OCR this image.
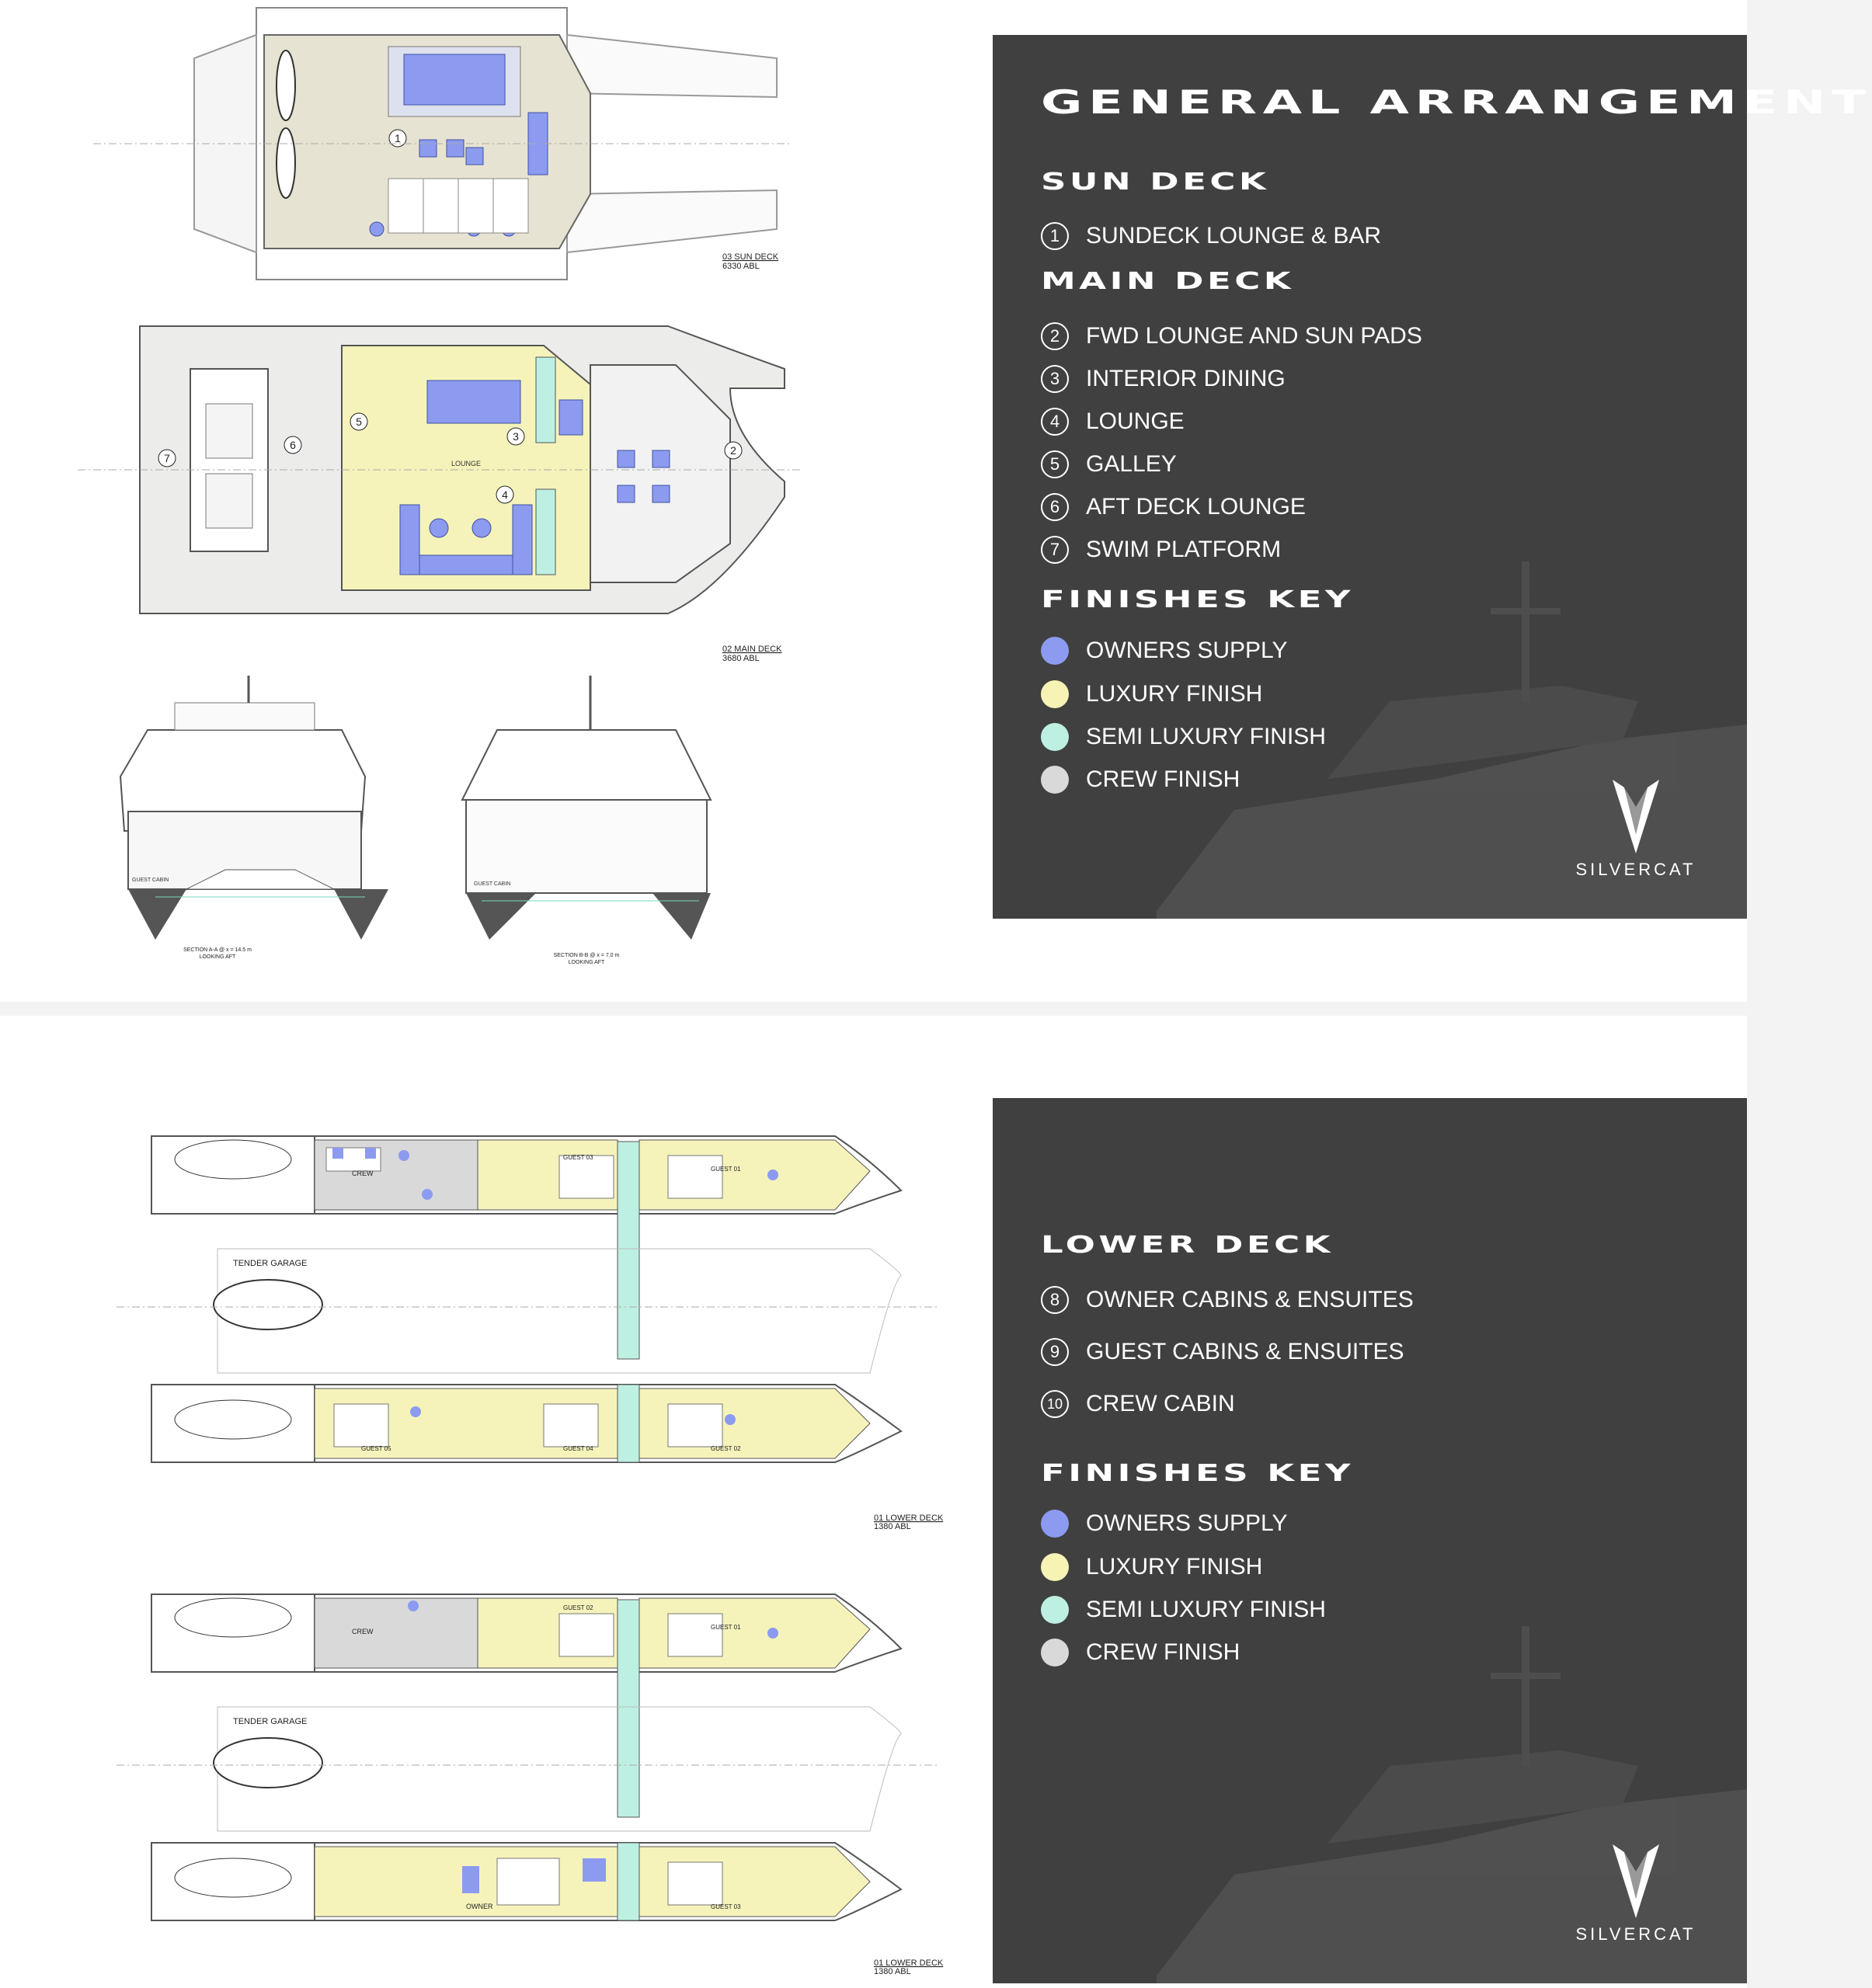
1
03 SUN DECK
6330 ABL
LOUNGE
2
3
4
5
6
7
02 MAIN DECK
3680 ABL
GUEST CABIN
SECTION A-A @ x = 14.5 m
LOOKING AFT
GUEST CABIN
SECTION B-B @ x = 7.0 m
LOOKING AFT
GENERAL ARRANGEMENT
SUN DECK
1	SUNDECK LOUNGE & BAR
MAIN DECK
2	FWD LOUNGE AND SUN PADS
3	INTERIOR DINING
4	LOUNGE
5	GALLEY
6	AFT DECK LOUNGE
7	SWIM PLATFORM
FINISHES KEY
OWNERS SUPPLY
LUXURY FINISH
SEMI LUXURY FINISH
CREW FINISH
SILVERCAT
TENDER GARAGE
CREW
GUEST 01
GUEST 03
GUEST 05	GUEST 04	GUEST 02
01 LOWER DECK
1380 ABL
TENDER GARAGE
CREW
OWNER
GUEST 01
GUEST 02
GUEST 03
01 LOWER DECK
1380 ABL
LOWER DECK
8	OWNER CABINS & ENSUITES
9	GUEST CABINS & ENSUITES
10 CREW CABIN
FINISHES KEY
OWNERS SUPPLY
LUXURY FINISH
SEMI LUXURY FINISH
CREW FINISH
SILVERCAT
